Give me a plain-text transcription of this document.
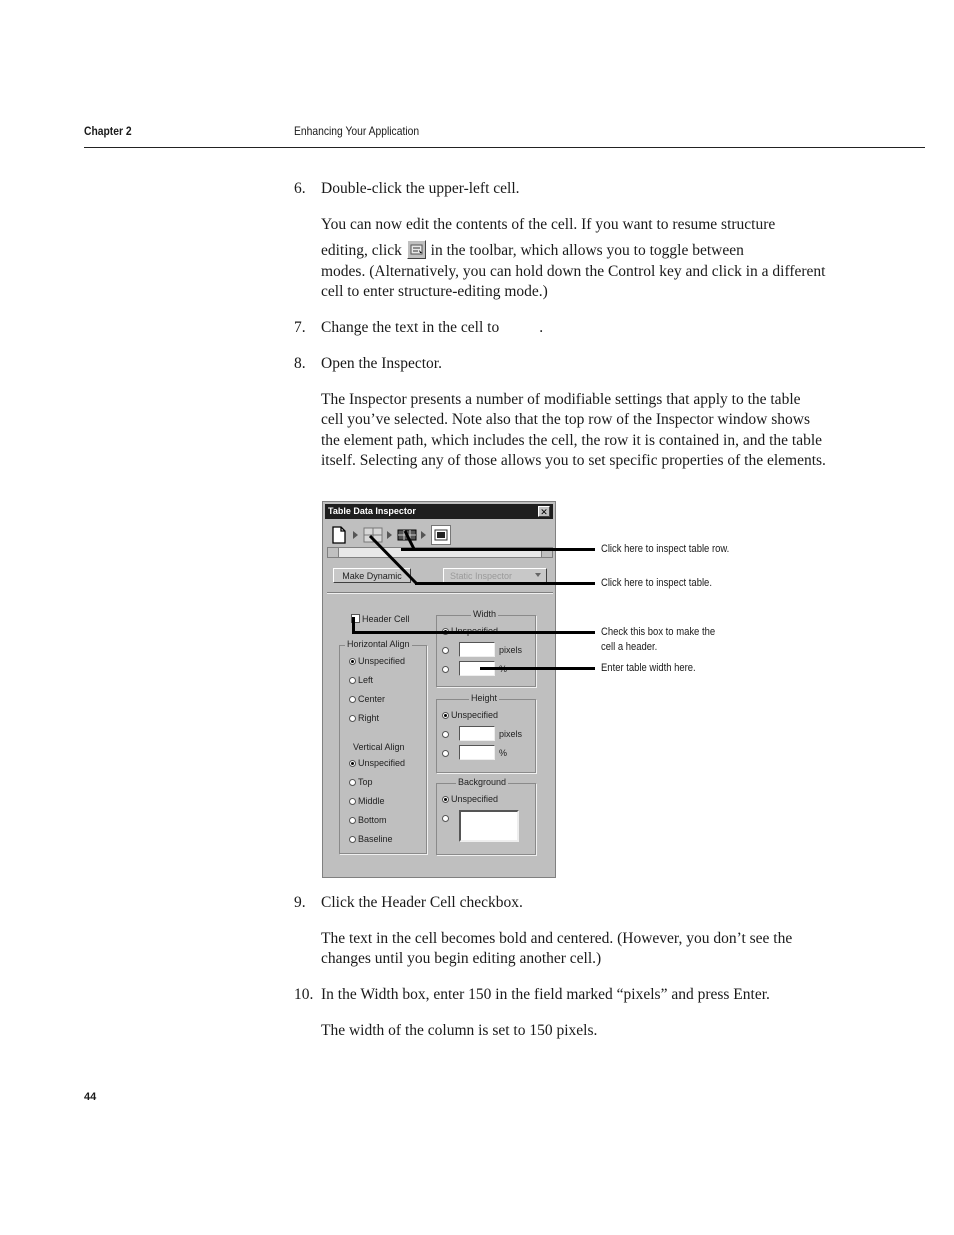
Chapter 2	Enhancing Your Application
6. Double-click the upper-left cell.
You can now edit the contents of the cell. If you want to resume structure
editing, click in the toolbar, which allows you to toggle between
modes. (Alternatively, you can hold down the Control key and click in a different cell to enter structure-editing mode.)
7. Change the text in the cell to	.
8. Open the Inspector.
The Inspector presents a number of modifiable settings that apply to the table cell you’ve selected. Note also that the top row of the Inspector window shows the element path, which includes the cell, the row it is contained in, and the table itself. Selecting any of those allows you to set specific properties of the elements.
Table Data Inspector	✕
Make Dynamic	Static Inspector
Header Cell
Horizontal Align
Unspecified
Left
Center
Right
Vertical Align
Unspecified
Top
Middle
Bottom
Baseline
Width
pixels
Height
Unspecified
pixels
%
Background
Unspecified
Click here to inspect table row.
Click here to inspect table.
Check this box to make the
cell a header.
Enter table width here.
9. Click the Header Cell checkbox.
The text in the cell becomes bold and centered. (However, you don’t see the changes until you begin editing another cell.)
10. In the Width box, enter 150 in the field marked “pixels” and press Enter.
The width of the column is set to 150 pixels.
44
